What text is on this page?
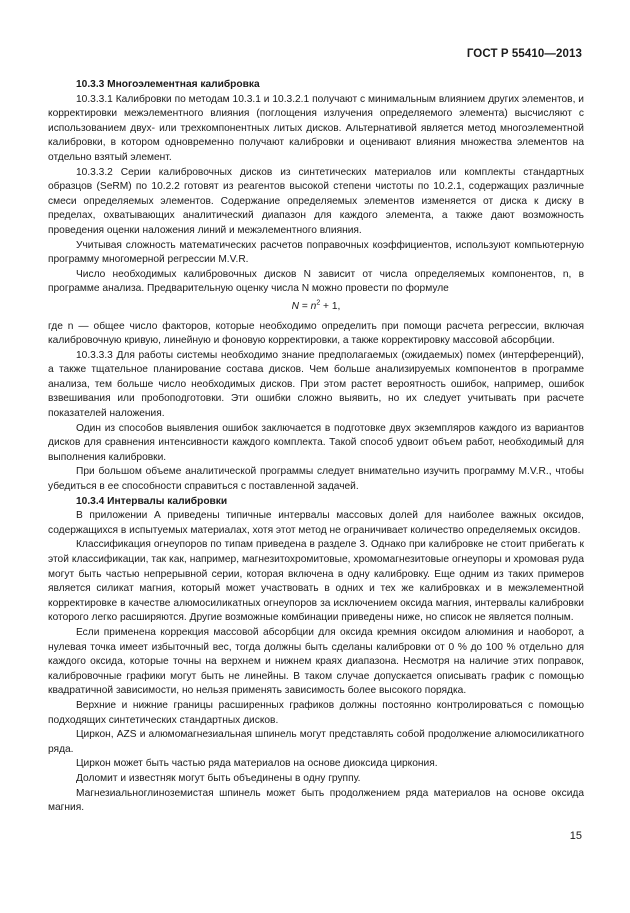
ГОСТ Р 55410—2013

10.3.3 Многоэлементная калибровка

10.3.3.1 Калибровки по методам 10.3.1 и 10.3.2.1 получают с минимальным влиянием других элементов, и корректировки межэлементного влияния (поглощения излучения определяемого элемента) высчисляют с использованием двух- или трехкомпонентных литых дисков. Альтернативой является метод многоэлементной калибровки, в котором одновременно получают калибровки и оценивают влияния множества элементов на отдельно взятый элемент.

10.3.3.2 Серии калибровочных дисков из синтетических материалов или комплекты стандартных образцов (SeRM) по 10.2.2 готовят из реагентов высокой степени чистоты по 10.2.1, содержащих различные смеси определяемых элементов. Содержание определяемых элементов изменяется от диска к диску в пределах, охватывающих аналитический диапазон для каждого элемента, а также дают возможность проведения оценки наложения линий и межэлементного влияния.

Учитывая сложность математических расчетов поправочных коэффициентов, используют компьютерную программу многомерной регрессии M.V.R.

Число необходимых калибровочных дисков N зависит от числа определяемых компонентов, n, в программе анализа. Предварительную оценку числа N можно провести по формуле

$N = n^2 + 1$,

где n — общее число факторов, которые необходимо определить при помощи расчета регрессии, включая калибровочную кривую, линейную и фоновую корректировки, а также корректировку массовой абсорбции.

10.3.3.3 Для работы системы необходимо знание предполагаемых (ожидаемых) помех (интерференций), а также тщательное планирование состава дисков. Чем больше анализируемых компонентов в программе анализа, тем больше число необходимых дисков. При этом растет вероятность ошибок, например, ошибок взвешивания или пробоподготовки. Эти ошибки сложно выявить, но их следует учитывать при расчете показателей наложения.

Один из способов выявления ошибок заключается в подготовке двух экземпляров каждого из вариантов дисков для сравнения интенсивности каждого комплекта. Такой способ удвоит объем работ, необходимый для выполнения калибровки.

При большом объеме аналитической программы следует внимательно изучить программу M.V.R., чтобы убедиться в ее способности справиться с поставленной задачей.

10.3.4 Интервалы калибровки

В приложении А приведены типичные интервалы массовых долей для наиболее важных оксидов, содержащихся в испытуемых материалах, хотя этот метод не ограничивает количество определяемых оксидов.

Классификация огнеупоров по типам приведена в разделе 3. Однако при калибровке не стоит прибегать к этой классификации, так как, например, магнезитохромитовые, хромомагнезитовые огнеупоры и хромовая руда могут быть частью непрерывной серии, которая включена в одну калибровку. Еще одним из таких примеров является силикат магния, который может участвовать в одних и тех же калибровках и в межэлементной корректировке в качестве алюмосиликатных огнеупоров за исключением оксида магния, интервалы калибровки которого легко расширяются. Другие возможные комбинации приведены ниже, но список не является полным.

Если применена коррекция массовой абсорбции для оксида кремния оксидом алюминия и наоборот, а нулевая точка имеет избыточный вес, тогда должны быть сделаны калибровки от 0 % до 100 % отдельно для каждого оксида, которые точны на верхнем и нижнем краях диапазона. Несмотря на наличие этих поправок, калибровочные графики могут быть не линейны. В таком случае допускается описывать график с помощью квадратичной зависимости, но нельзя применять зависимость более высокого порядка.

Верхние и нижние границы расширенных графиков должны постоянно контролироваться с помощью подходящих синтетических стандартных дисков.

Циркон, AZS и алюмомагнезиальная шпинель могут представлять собой продолжение алюмосиликатного ряда.

Циркон может быть частью ряда материалов на основе диоксида циркония.

Доломит и известняк могут быть объединены в одну группу.

Магнезиальноглиноземистая шпинель может быть продолжением ряда материалов на основе оксида магния.

15
